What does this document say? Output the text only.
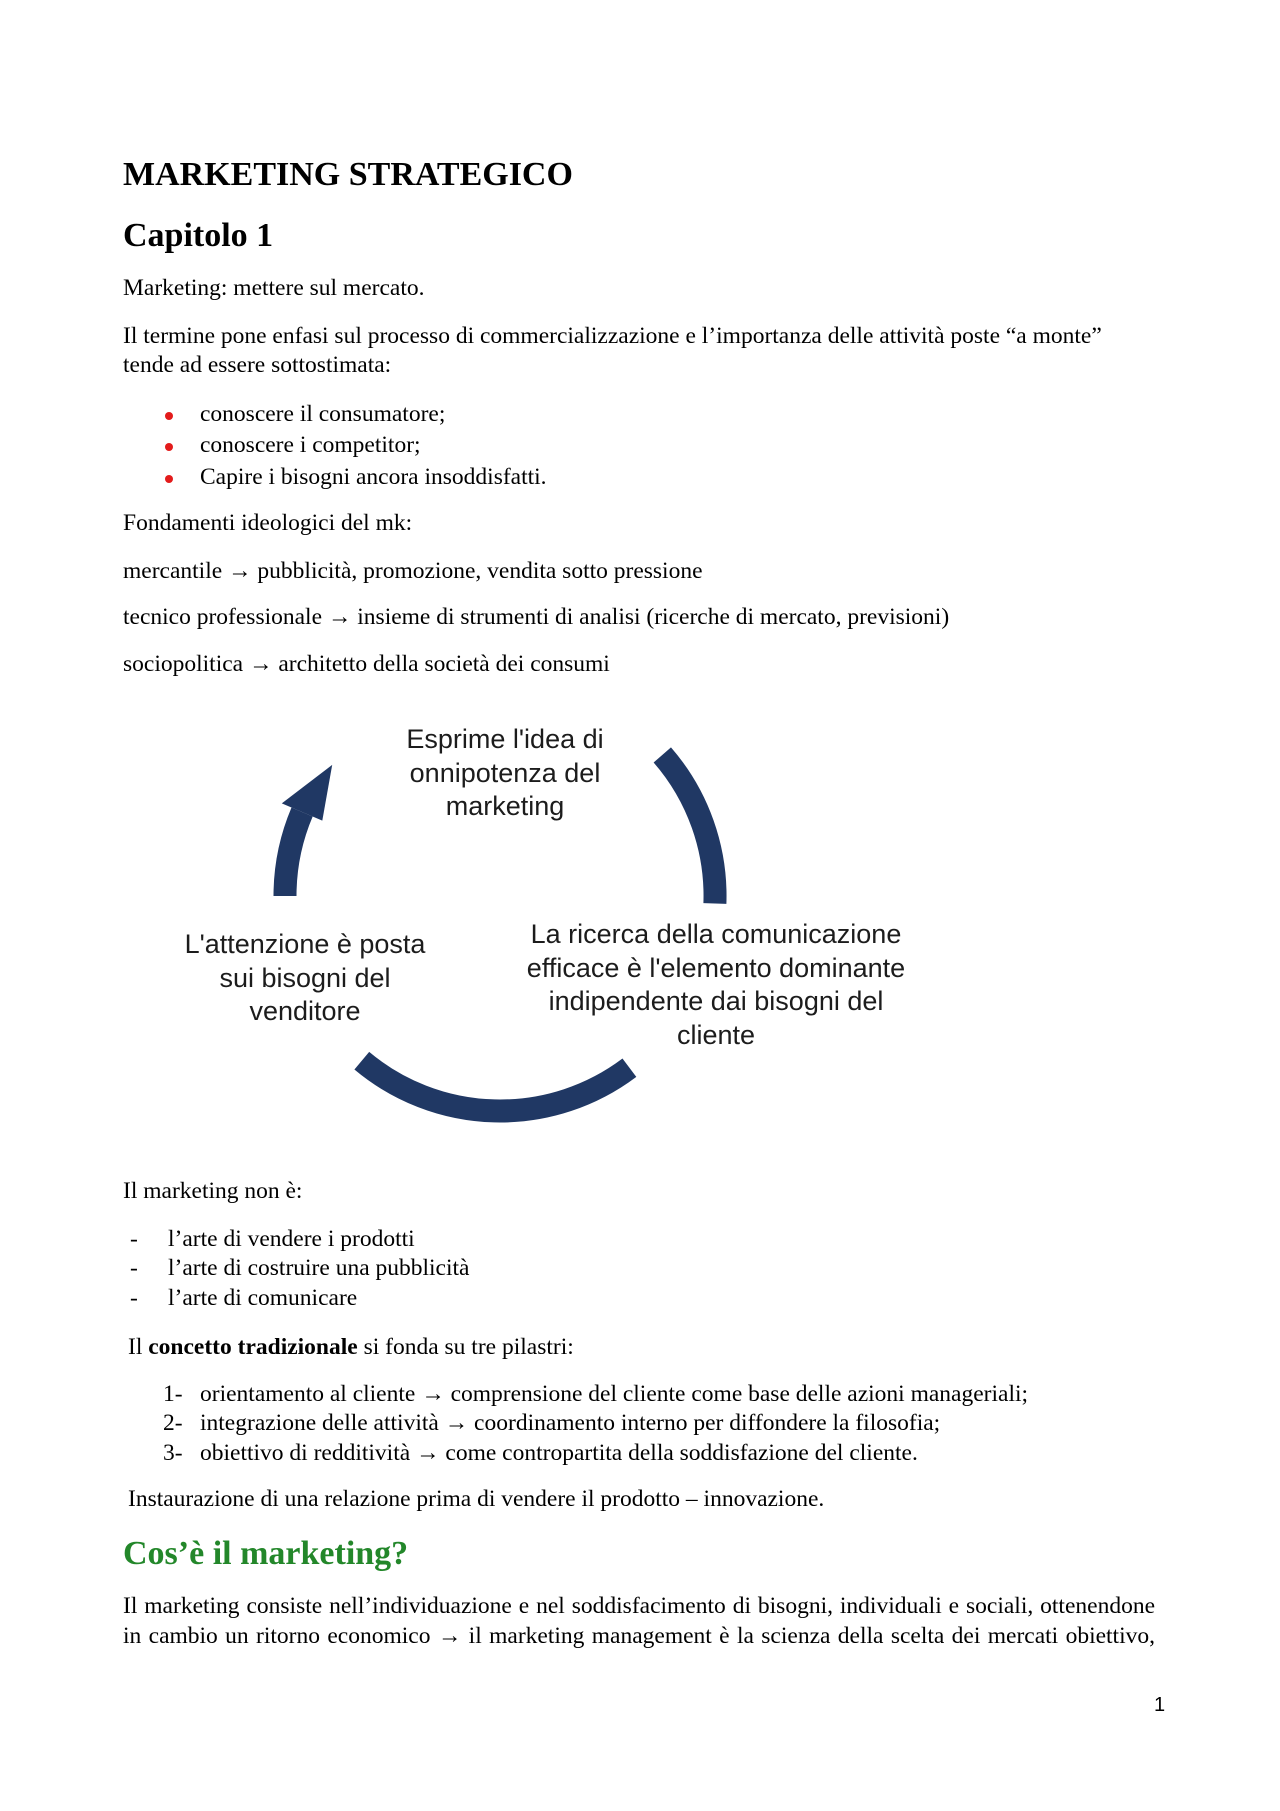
MARKETING STRATEGICO
Capitolo 1
Marketing: mettere sul mercato.
Il termine pone enfasi sul processo di commercializzazione e l’importanza delle attività poste “a monte”
tende ad essere sottostimata:
conoscere il consumatore;
conoscere i competitor;
Capire i bisogni ancora insoddisfatti.
Fondamenti ideologici del mk:
mercantile → pubblicità, promozione, vendita sotto pressione
tecnico professionale → insieme di strumenti di analisi (ricerche di mercato, previsioni)
sociopolitica → architetto della società dei consumi
Esprime l'idea di
onnipotenza del
marketing
La ricerca della comunicazione
efficace è l'elemento dominante
indipendente dai bisogni del
cliente
L'attenzione è posta
sui bisogni del
venditore
Il marketing non è:
- l’arte di vendere i prodotti
- l’arte di costruire una pubblicità
- l’arte di comunicare
Il concetto tradizionale si fonda su tre pilastri:
1- orientamento al cliente → comprensione del cliente come base delle azioni manageriali;
2- integrazione delle attività → coordinamento interno per diffondere la filosofia;
3- obiettivo di redditività → come contropartita della soddisfazione del cliente.
Instaurazione di una relazione prima di vendere il prodotto – innovazione.
Cos’è il marketing?
Il marketing consiste nell’individuazione e nel soddisfacimento di bisogni, individuali e sociali, ottenendone
in cambio un ritorno economico → il marketing management è la scienza della scelta dei mercati obiettivo,
1
